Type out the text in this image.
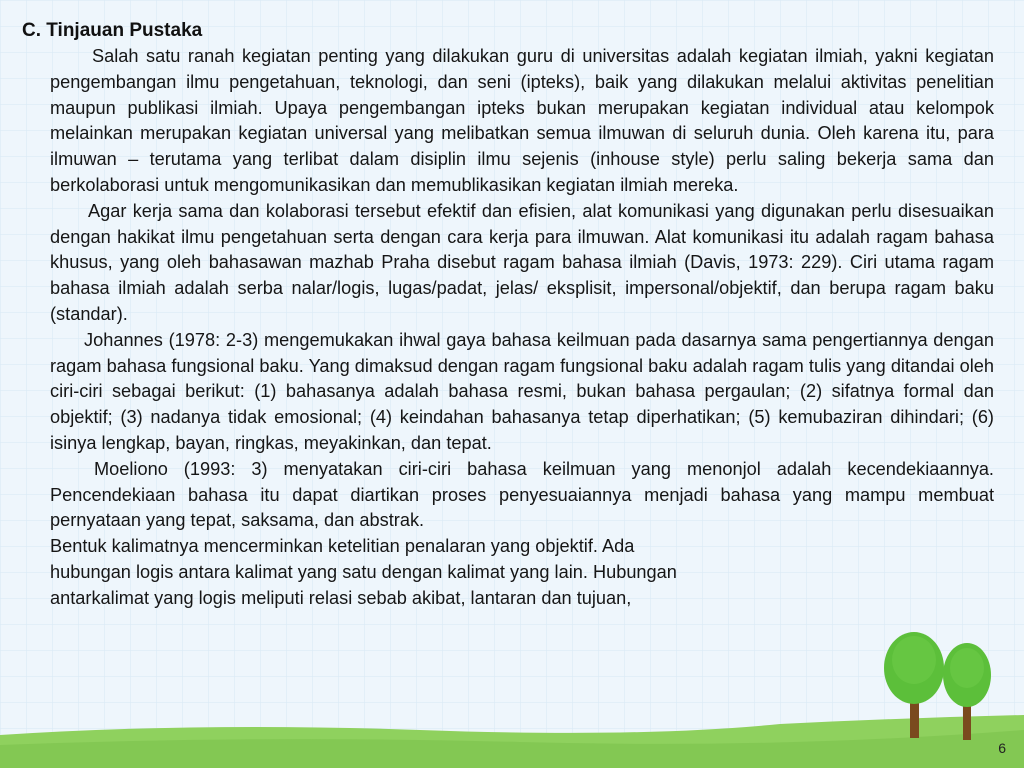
C. Tinjauan Pustaka

Salah satu ranah kegiatan penting yang dilakukan guru di universitas adalah kegiatan ilmiah, yakni kegiatan pengembangan ilmu pengetahuan, teknologi, dan seni (ipteks), baik yang dilakukan melalui aktivitas penelitian maupun publikasi ilmiah. Upaya pengembangan ipteks bukan merupakan kegiatan individual atau kelompok melainkan merupakan kegiatan universal yang melibatkan semua ilmuwan di seluruh dunia. Oleh karena itu, para ilmuwan – terutama yang terlibat dalam disiplin ilmu sejenis (inhouse style) perlu saling bekerja sama dan berkolaborasi untuk mengomunikasikan dan memublikasikan kegiatan ilmiah mereka.

Agar kerja sama dan kolaborasi tersebut efektif dan efisien, alat komunikasi yang digunakan perlu disesuaikan dengan hakikat ilmu pengetahuan serta dengan cara kerja para ilmuwan. Alat komunikasi itu adalah ragam bahasa khusus, yang oleh bahasawan mazhab Praha disebut ragam bahasa ilmiah (Davis, 1973: 229). Ciri utama ragam bahasa ilmiah adalah serba nalar/logis, lugas/padat, jelas/ eksplisit, impersonal/objektif, dan berupa ragam baku (standar).

Johannes (1978: 2-3) mengemukakan ihwal gaya bahasa keilmuan pada dasarnya sama pengertiannya dengan ragam bahasa fungsional baku. Yang dimaksud dengan ragam fungsional baku adalah ragam tulis yang ditandai oleh ciri-ciri sebagai berikut: (1) bahasanya adalah bahasa resmi, bukan bahasa pergaulan; (2) sifatnya formal dan objektif; (3) nadanya tidak emosional; (4) keindahan bahasanya tetap diperhatikan; (5) kemubaziran dihindari; (6) isinya lengkap, bayan, ringkas, meyakinkan, dan tepat.

Moeliono (1993: 3) menyatakan ciri-ciri bahasa keilmuan yang menonjol adalah kecendekiaannya. Pencendekiaan bahasa itu dapat diartikan proses penyesuaiannya menjadi bahasa yang mampu membuat pernyataan yang tepat, saksama, dan abstrak.

Bentuk kalimatnya mencerminkan ketelitian penalaran yang objektif. Ada
hubungan logis antara kalimat yang satu dengan kalimat yang lain. Hubungan
antarkalimat yang logis meliputi relasi sebab akibat, lantaran dan tujuan,
6
